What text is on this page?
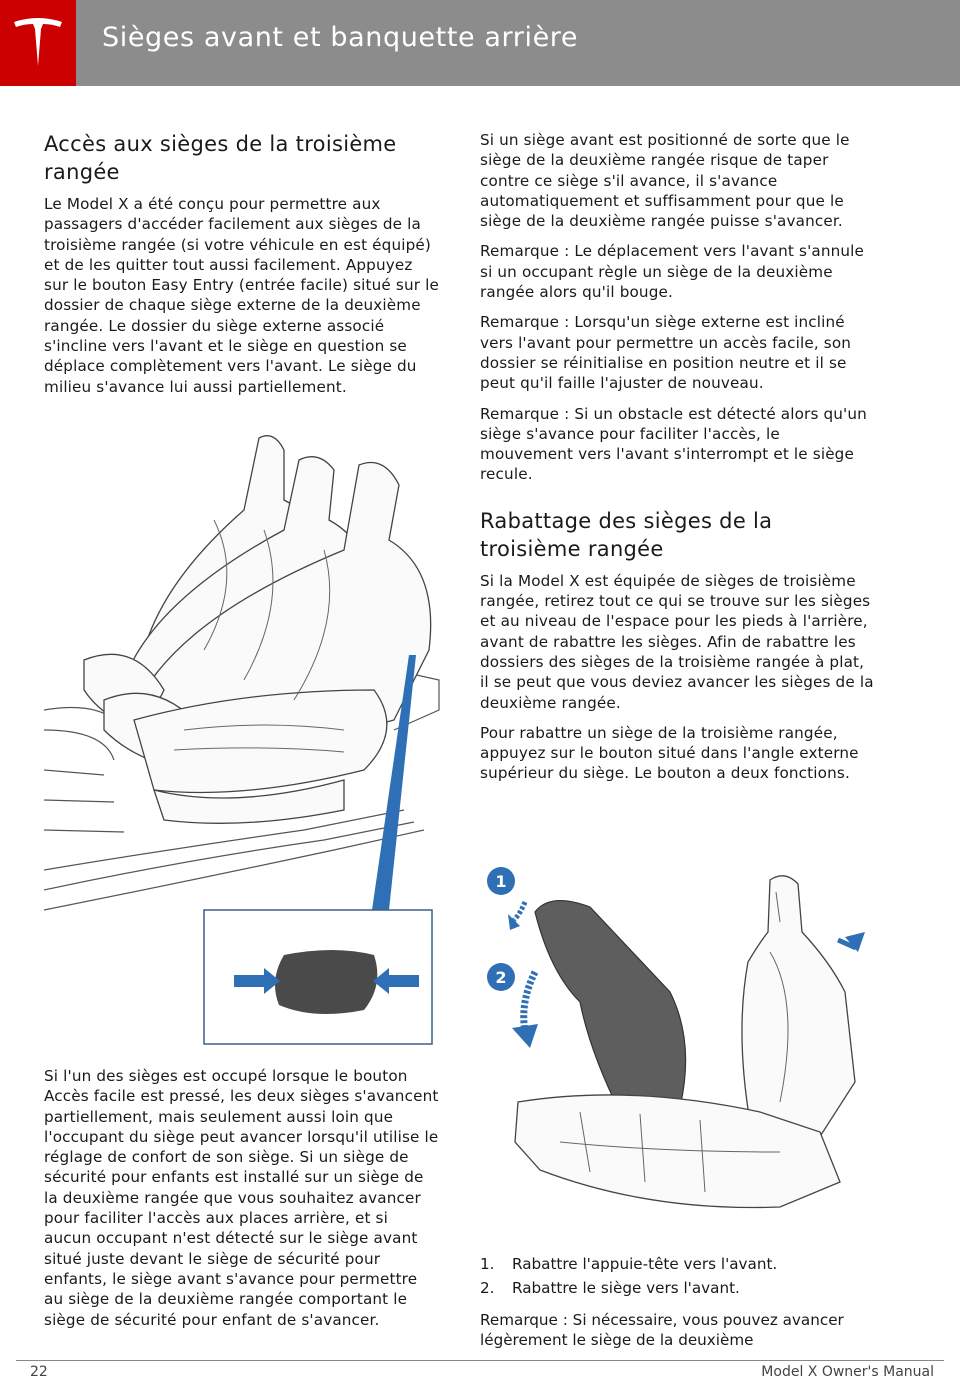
Sièges avant et banquette arrière
Accès aux sièges de la troisième rangée

Le Model X a été conçu pour permettre aux passagers d'accéder facilement aux sièges de la troisième rangée (si votre véhicule en est équipé) et de les quitter tout aussi facilement. Appuyez sur le bouton Easy Entry (entrée facile) situé sur le dossier de chaque siège externe de la deuxième rangée. Le dossier du siège externe associé s'incline vers l'avant et le siège en question se déplace complètement vers l'avant. Le siège du milieu s'avance lui aussi partiellement.

Si l'un des sièges est occupé lorsque le bouton Accès facile est pressé, les deux sièges s'avancent partiellement, mais seulement aussi loin que l'occupant du siège peut avancer lorsqu'il utilise le réglage de confort de son siège. Si un siège de sécurité pour enfants est installé sur un siège de la deuxième rangée que vous souhaitez avancer pour faciliter l'accès aux places arrière, et si aucun occupant n'est détecté sur le siège avant situé juste devant le siège de sécurité pour enfants, le siège avant s'avance pour permettre au siège de la deuxième rangée comportant le siège de sécurité pour enfant de s'avancer.

Si un siège avant est positionné de sorte que le siège de la deuxième rangée risque de taper contre ce siège s'il avance, il s'avance automatiquement et suffisamment pour que le siège de la deuxième rangée puisse s'avancer.

Remarque : Le déplacement vers l'avant s'annule si un occupant règle un siège de la deuxième rangée alors qu'il bouge.

Remarque : Lorsqu'un siège externe est incliné vers l'avant pour permettre un accès facile, son dossier se réinitialise en position neutre et il se peut qu'il faille l'ajuster de nouveau.

Remarque : Si un obstacle est détecté alors qu'un siège s'avance pour faciliter l'accès, le mouvement vers l'avant s'interrompt et le siège recule.

Rabattage des sièges de la troisième rangée

Si la Model X est équipée de sièges de troisième rangée, retirez tout ce qui se trouve sur les sièges et au niveau de l'espace pour les pieds à l'arrière, avant de rabattre les sièges. Afin de rabattre les dossiers des sièges de la troisième rangée à plat, il se peut que vous deviez avancer les sièges de la deuxième rangée.

Pour rabattre un siège de la troisième rangée, appuyez sur le bouton situé dans l'angle externe supérieur du siège. Le bouton a deux fonctions.

1
2
1.	Rabattre l'appuie-tête vers l'avant.
2.	Rabattre le siège vers l'avant.
Remarque : Si nécessaire, vous pouvez avancer légèrement le siège de la deuxième
22	Model X Owner's Manual
